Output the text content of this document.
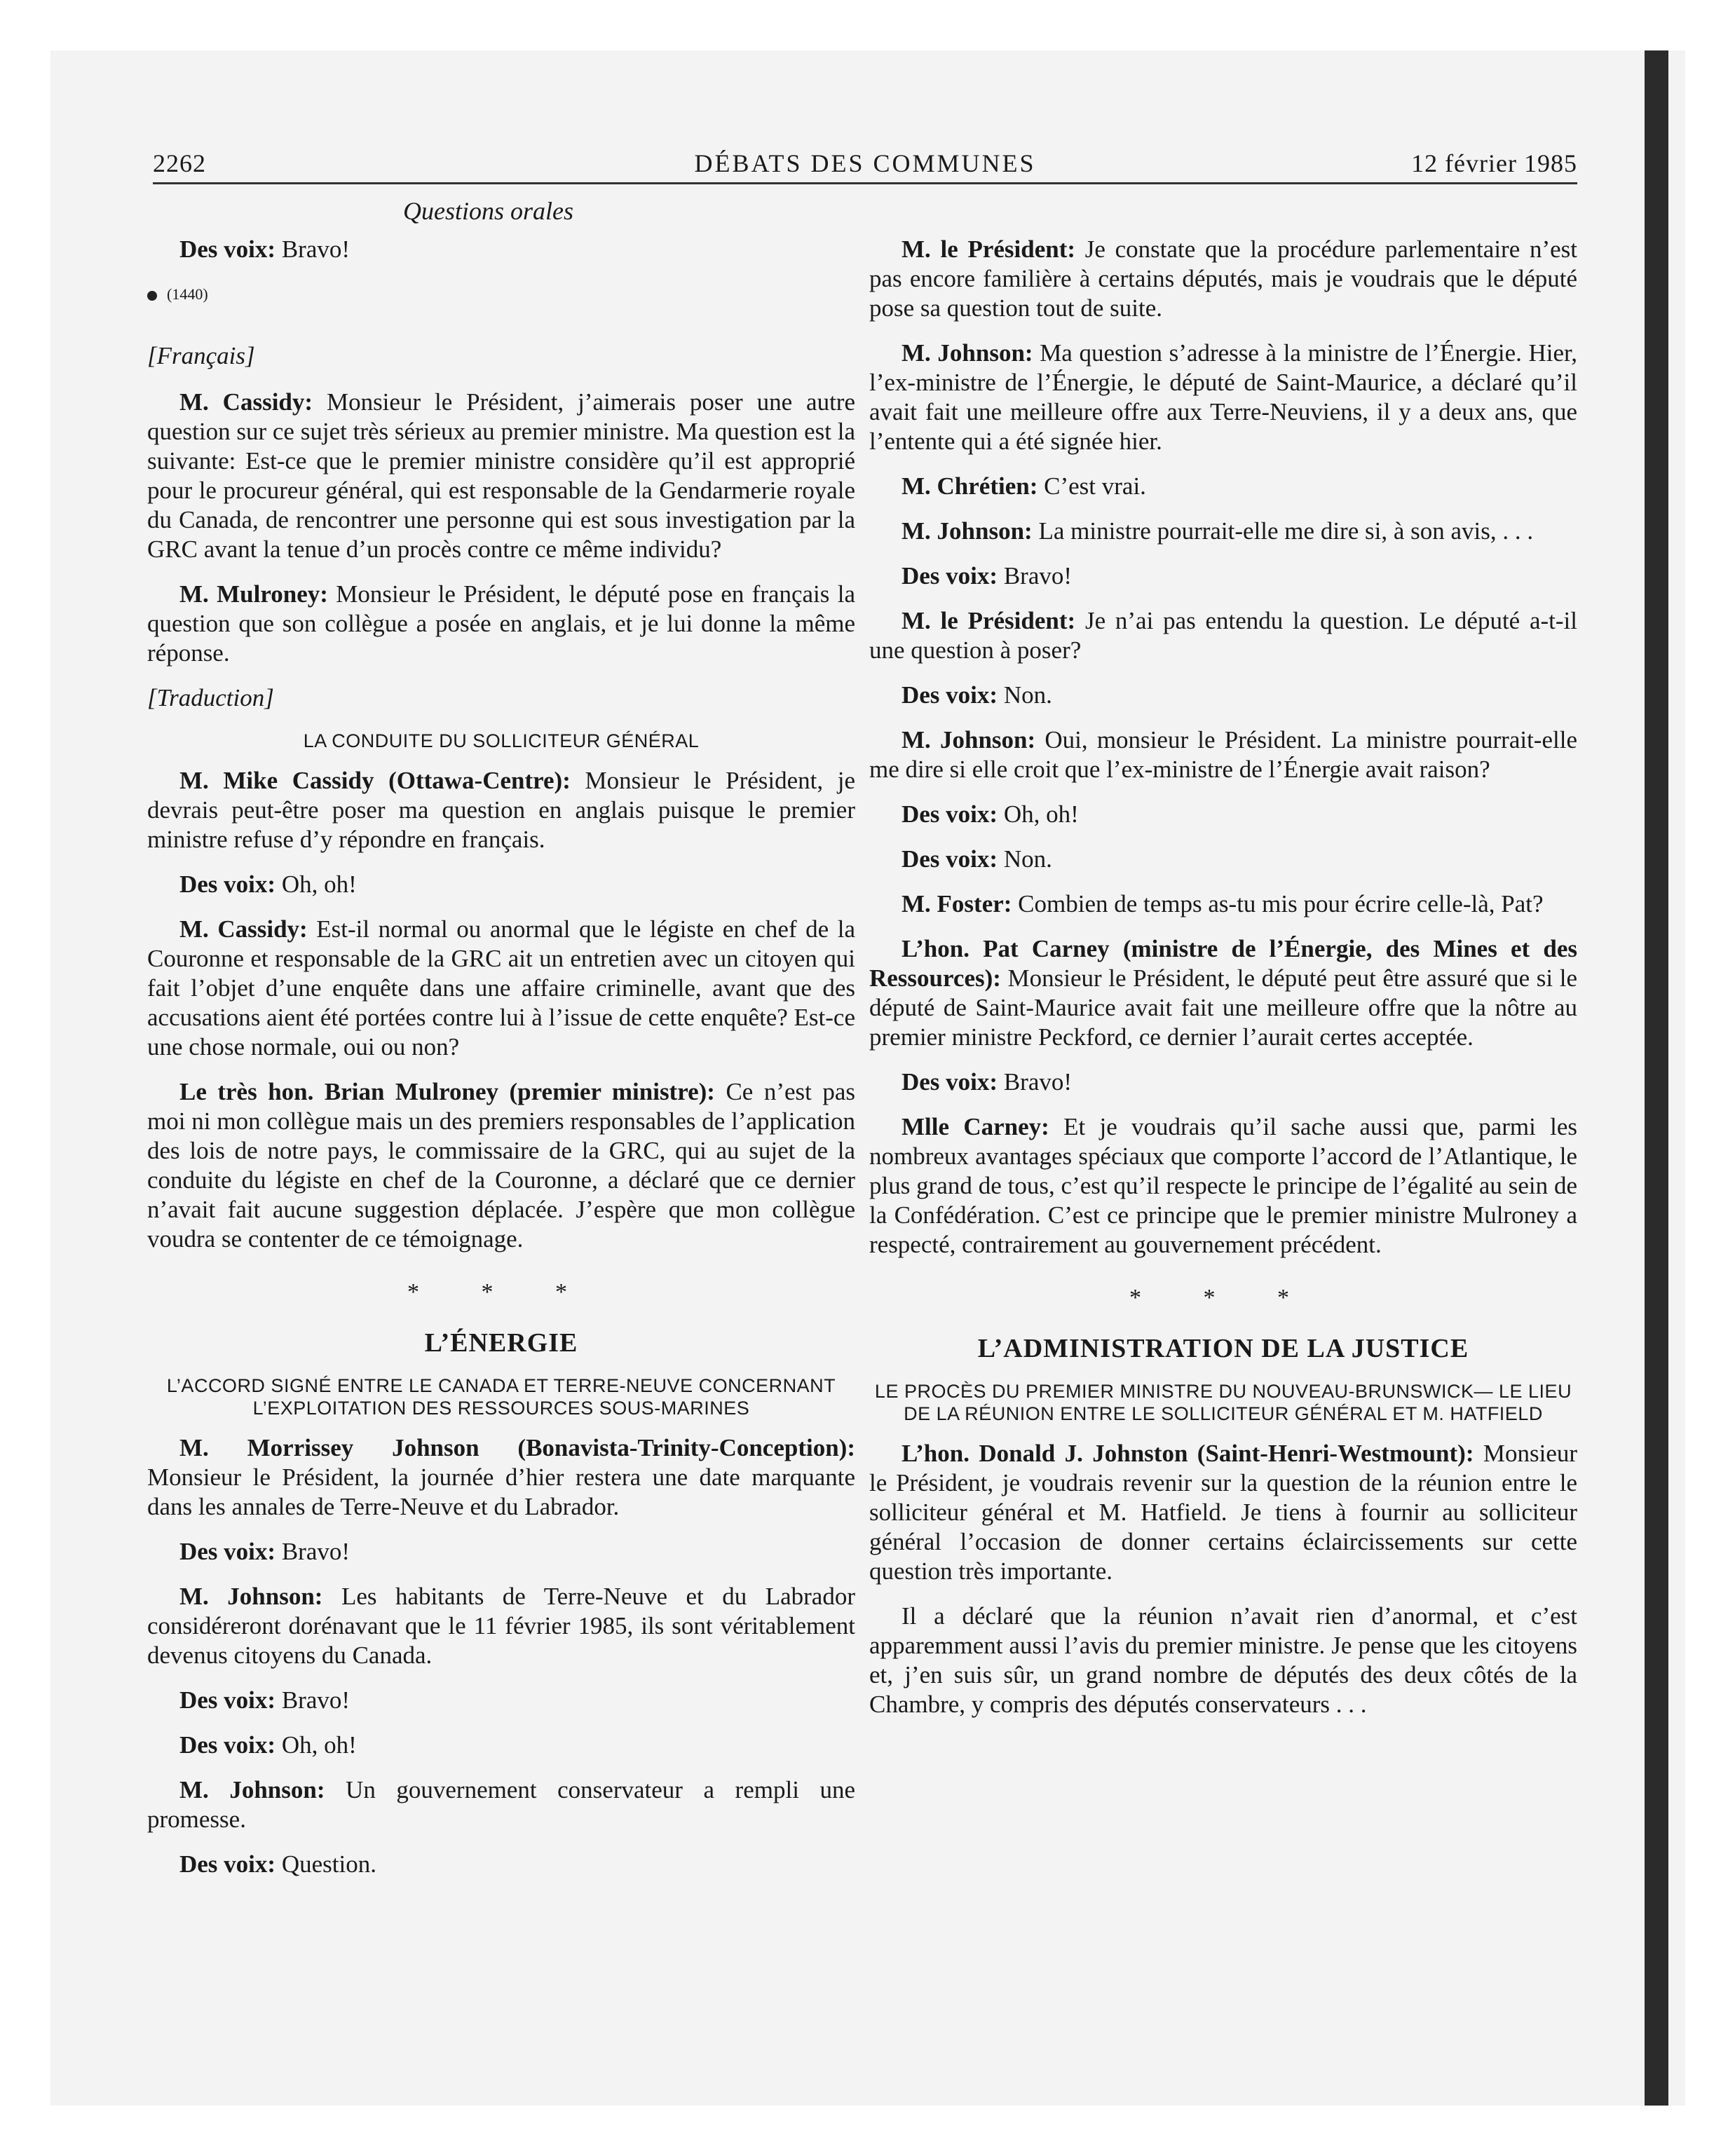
2262	DÉBATS DES COMMUNES	12 février 1985
Questions orales

Des voix: Bravo!

(1440)
[Français]

M. Cassidy: Monsieur le Président, j’aimerais poser une autre question sur ce sujet très sérieux au premier ministre. Ma question est la suivante: Est-ce que le premier ministre considère qu’il est approprié pour le procureur général, qui est responsable de la Gendarmerie royale du Canada, de rencontrer une personne qui est sous investigation par la GRC avant la tenue d’un procès contre ce même individu?

M. Mulroney: Monsieur le Président, le député pose en français la question que son collègue a posée en anglais, et je lui donne la même réponse.

[Traduction]
LA CONDUITE DU SOLLICITEUR GÉNÉRAL

M. Mike Cassidy (Ottawa-Centre): Monsieur le Président, je devrais peut-être poser ma question en anglais puisque le premier ministre refuse d’y répondre en français.

Des voix: Oh, oh!

M. Cassidy: Est-il normal ou anormal que le légiste en chef de la Couronne et responsable de la GRC ait un entretien avec un citoyen qui fait l’objet d’une enquête dans une affaire criminelle, avant que des accusations aient été portées contre lui à l’issue de cette enquête? Est-ce une chose normale, oui ou non?

Le très hon. Brian Mulroney (premier ministre): Ce n’est pas moi ni mon collègue mais un des premiers responsables de l’application des lois de notre pays, le commissaire de la GRC, qui au sujet de la conduite du légiste en chef de la Couronne, a déclaré que ce dernier n’avait fait aucune suggestion déplacée. J’espère que mon collègue voudra se contenter de ce témoignage.

* * *
L’ÉNERGIE
L’ACCORD SIGNÉ ENTRE LE CANADA ET TERRE-NEUVE CONCERNANT L’EXPLOITATION DES RESSOURCES SOUS-MARINES

M. Morrissey Johnson (Bonavista-Trinity-Conception): Monsieur le Président, la journée d’hier restera une date marquante dans les annales de Terre-Neuve et du Labrador.

Des voix: Bravo!

M. Johnson: Les habitants de Terre-Neuve et du Labrador considéreront dorénavant que le 11 février 1985, ils sont véritablement devenus citoyens du Canada.

Des voix: Bravo!

Des voix: Oh, oh!

M. Johnson: Un gouvernement conservateur a rempli une promesse.

Des voix: Question.

M. le Président: Je constate que la procédure parlementaire n’est pas encore familière à certains députés, mais je voudrais que le député pose sa question tout de suite.

M. Johnson: Ma question s’adresse à la ministre de l’Énergie. Hier, l’ex-ministre de l’Énergie, le député de Saint-Maurice, a déclaré qu’il avait fait une meilleure offre aux Terre-Neuviens, il y a deux ans, que l’entente qui a été signée hier.

M. Chrétien: C’est vrai.

M. Johnson: La ministre pourrait-elle me dire si, à son avis, . . .

Des voix: Bravo!

M. le Président: Je n’ai pas entendu la question. Le député a-t-il une question à poser?

Des voix: Non.

M. Johnson: Oui, monsieur le Président. La ministre pourrait-elle me dire si elle croit que l’ex-ministre de l’Énergie avait raison?

Des voix: Oh, oh!

Des voix: Non.

M. Foster: Combien de temps as-tu mis pour écrire celle-là, Pat?

L’hon. Pat Carney (ministre de l’Énergie, des Mines et des Ressources): Monsieur le Président, le député peut être assuré que si le député de Saint-Maurice avait fait une meilleure offre que la nôtre au premier ministre Peckford, ce dernier l’aurait certes acceptée.

Des voix: Bravo!

Mlle Carney: Et je voudrais qu’il sache aussi que, parmi les nombreux avantages spéciaux que comporte l’accord de l’Atlantique, le plus grand de tous, c’est qu’il respecte le principe de l’égalité au sein de la Confédération. C’est ce principe que le premier ministre Mulroney a respecté, contrairement au gouvernement précédent.

* * *
L’ADMINISTRATION DE LA JUSTICE
LE PROCÈS DU PREMIER MINISTRE DU NOUVEAU-BRUNSWICK— LE LIEU DE LA RÉUNION ENTRE LE SOLLICITEUR GÉNÉRAL ET M. HATFIELD

L’hon. Donald J. Johnston (Saint-Henri-Westmount): Monsieur le Président, je voudrais revenir sur la question de la réunion entre le solliciteur général et M. Hatfield. Je tiens à fournir au solliciteur général l’occasion de donner certains éclaircissements sur cette question très importante.

Il a déclaré que la réunion n’avait rien d’anormal, et c’est apparemment aussi l’avis du premier ministre. Je pense que les citoyens et, j’en suis sûr, un grand nombre de députés des deux côtés de la Chambre, y compris des députés conservateurs . . .
